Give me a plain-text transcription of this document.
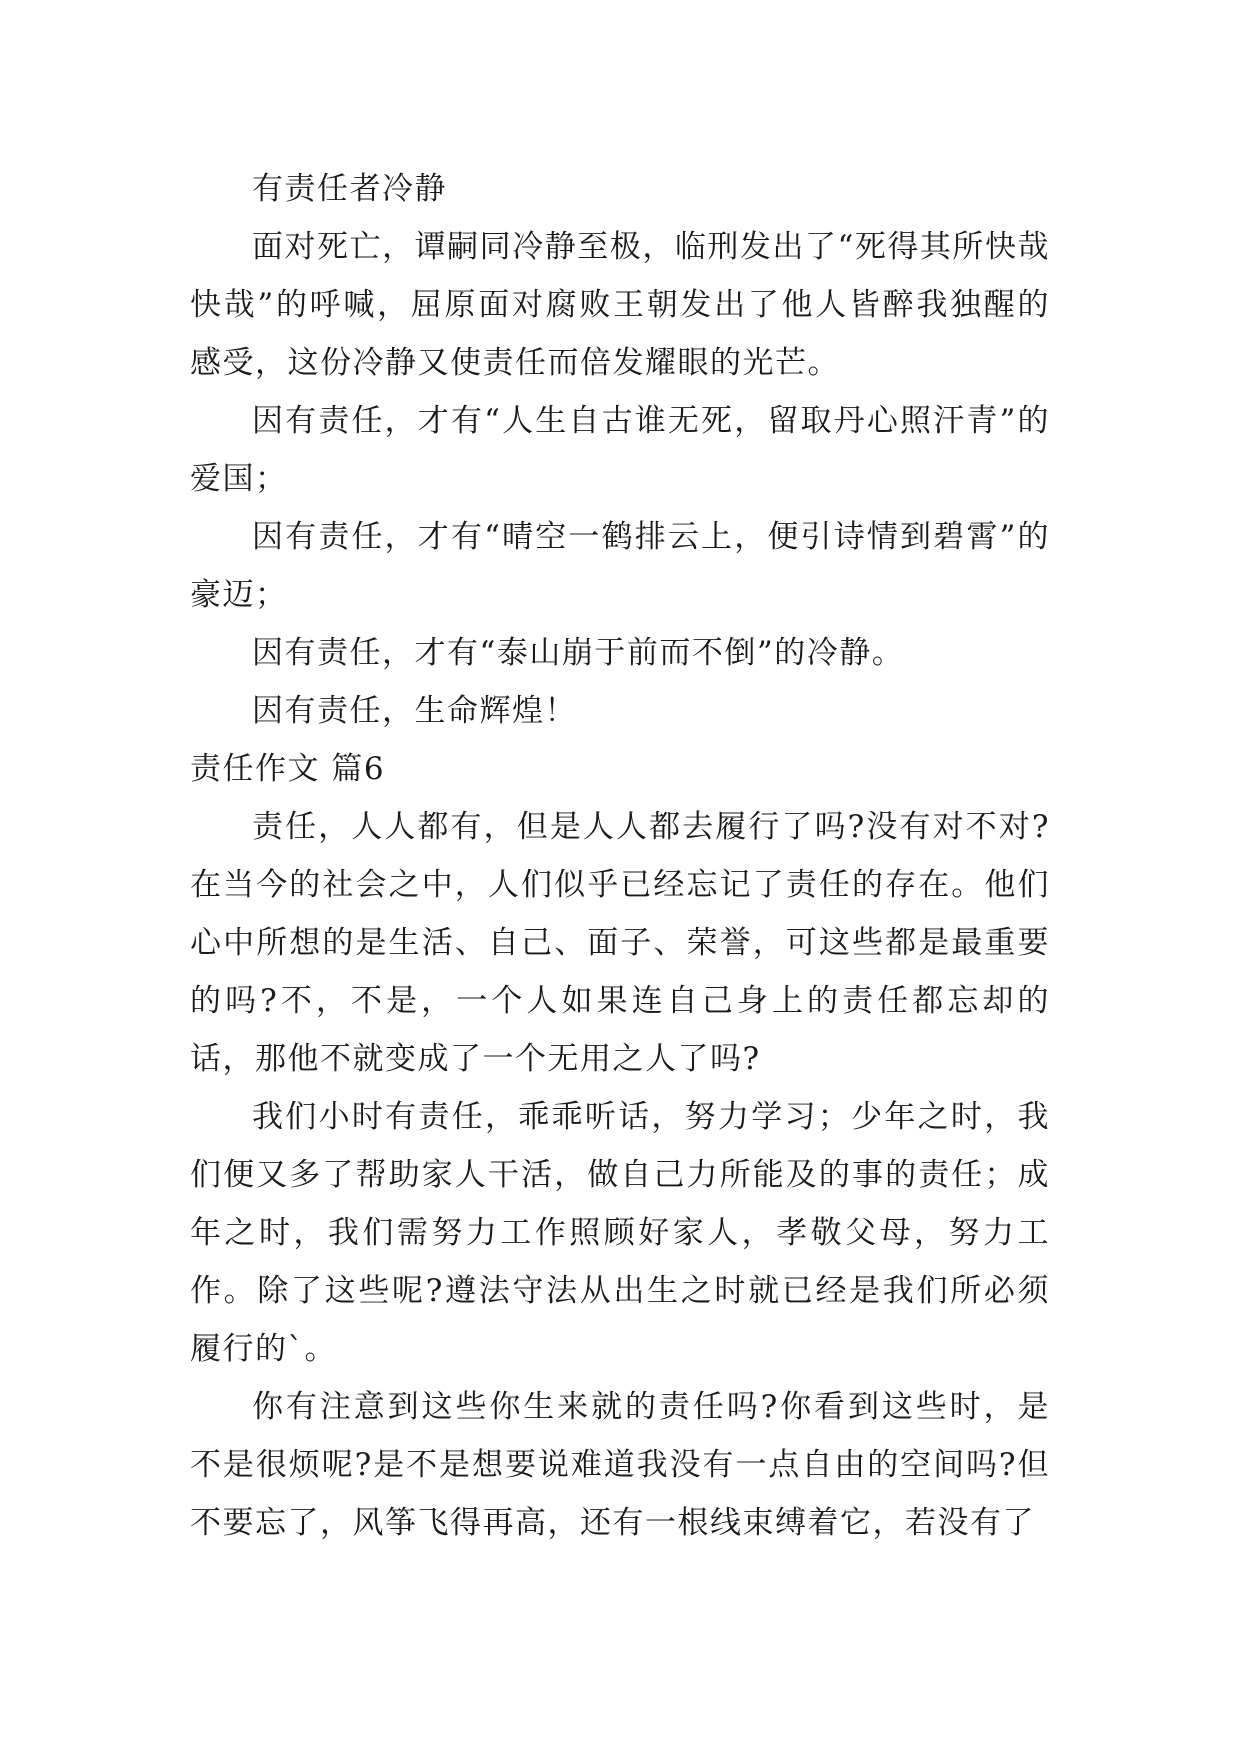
有责任者冷静

面对死亡，谭嗣同冷静至极，临刑发出了“死得其所快哉快哉”的呼喊，屈原面对腐败王朝发出了他人皆醉我独醒的感受，这份冷静又使责任而倍发耀眼的光芒。

因有责任，才有“人生自古谁无死，留取丹心照汗青”的爱国；

因有责任，才有“晴空一鹤排云上，便引诗情到碧霄”的豪迈；

因有责任，才有“泰山崩于前而不倒”的冷静。

因有责任，生命辉煌！

责任作文 篇6

责任，人人都有，但是人人都去履行了吗?没有对不对?在当今的社会之中，人们似乎已经忘记了责任的存在。他们心中所想的是生活、自己、面子、荣誉，可这些都是最重要的吗?不，不是，一个人如果连自己身上的责任都忘却的话，那他不就变成了一个无用之人了吗?

我们小时有责任，乖乖听话，努力学习；少年之时，我们便又多了帮助家人干活，做自己力所能及的事的责任；成年之时，我们需努力工作照顾好家人，孝敬父母，努力工作。除了这些呢?遵法守法从出生之时就已经是我们所必须履行的`。

你有注意到这些你生来就的责任吗?你看到这些时，是不是很烦呢?是不是想要说难道我没有一点自由的空间吗?但不要忘了，风筝飞得再高，还有一根线束缚着它，若没有了
